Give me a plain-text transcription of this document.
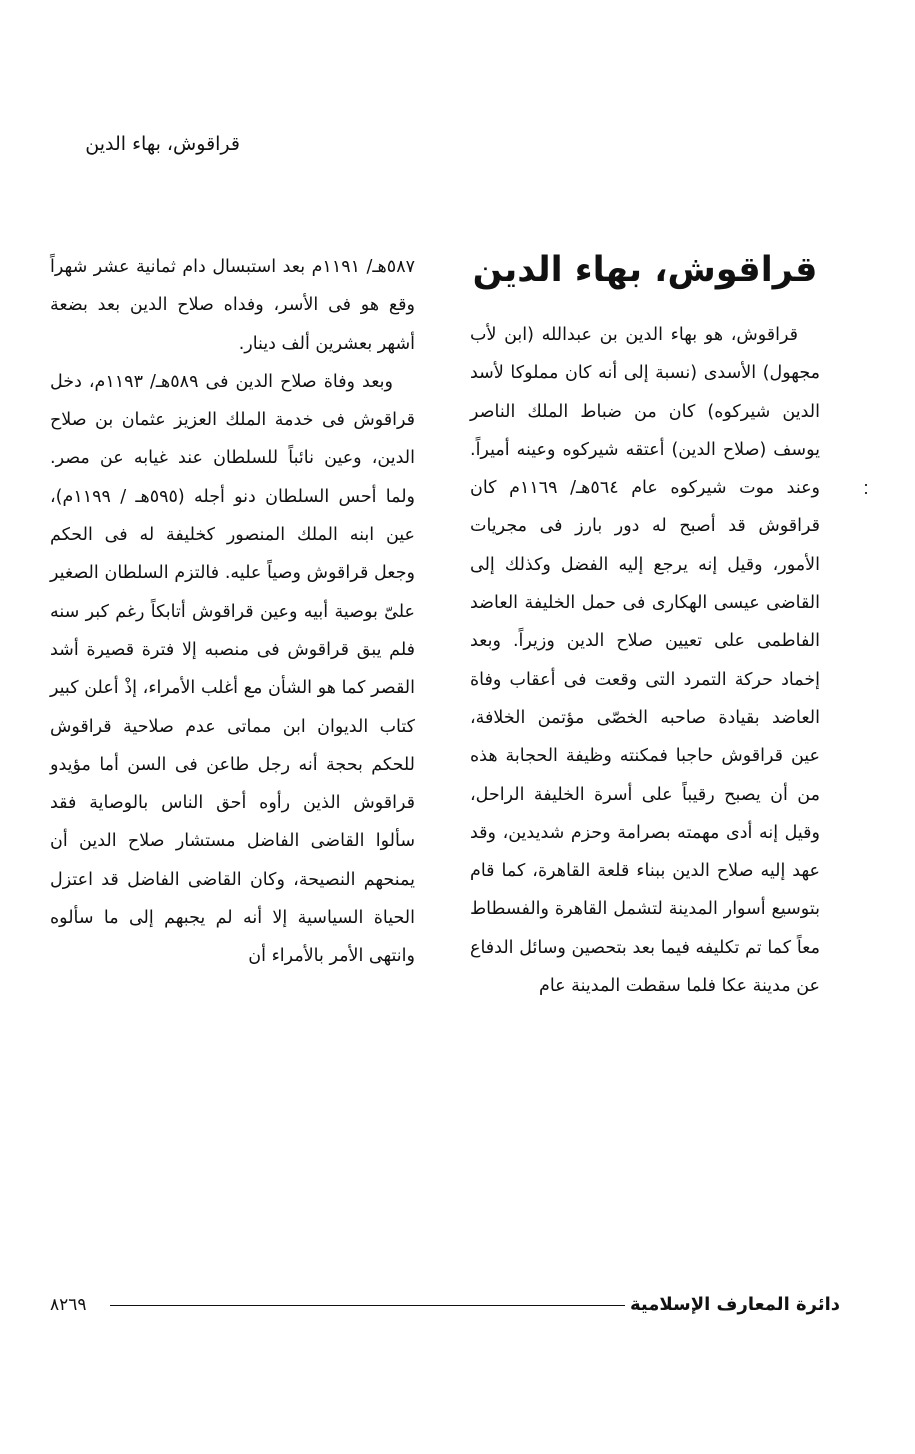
قراقوش، بهاء الدين
قراقوش، بهاء الدين

قراقوش، هو بهاء الدين بن عبدالله (ابن لأب مجهول) الأسدى (نسبة إلى أنه كان مملوكا لأسد الدين شيركوه) كان من ضباط الملك الناصر يوسف (صلاح الدين) أعتقه شيركوه وعينه أميراً. وعند موت شيركوه عام ٥٦٤هـ/ ١١٦٩م كان قراقوش قد أصبح له دور بارز فى مجريات الأمور، وقيل إنه يرجع إليه الفضل وكذلك إلى القاضى عيسى الهكارى فى حمل الخليفة العاضد الفاطمى على تعيين صلاح الدين وزيراً. وبعد إخماد حركة التمرد التى وقعت فى أعقاب وفاة العاضد بقيادة صاحبه الخصّى مؤتمن الخلافة، عين قراقوش حاجبا فمكنته وظيفة الحجابة هذه من أن يصبح رقيباً على أسرة الخليفة الراحل، وقيل إنه أدى مهمته بصرامة وحزم شديدين، وقد عهد إليه صلاح الدين ببناء قلعة القاهرة، كما قام بتوسيع أسوار المدينة لتشمل القاهرة والفسطاط معاً كما تم تكليفه فيما بعد بتحصين وسائل الدفاع عن مدينة عكا فلما سقطت المدينة عام

٥٨٧هـ/ ١١٩١م بعد استبسال دام ثمانية عشر شهراً وقع هو فى الأسر، وفداه صلاح الدين بعد بضعة أشهر بعشرين ألف دينار.

وبعد وفاة صلاح الدين فى ٥٨٩هـ/ ١١٩٣م، دخل قراقوش فى خدمة الملك العزيز عثمان بن صلاح الدين، وعين نائباً للسلطان عند غيابه عن مصر. ولما أحس السلطان دنو أجله (٥٩٥هـ / ١١٩٩م)، عين ابنه الملك المنصور كخليفة له فى الحكم وجعل قراقوش وصياً عليه. فالتزم السلطان الصغير علىّ بوصية أبيه وعين قراقوش أتابكاً رغم كبر سنه فلم يبق قراقوش فى منصبه إلا فترة قصيرة أشد القصر كما هو الشأن مع أغلب الأمراء، إذْ أعلن كبير كتاب الديوان ابن مماتى عدم صلاحية قراقوش للحكم بحجة أنه رجل طاعن فى السن أما مؤيدو قراقوش الذين رأوه أحق الناس بالوصاية فقد سألوا القاضى الفاضل مستشار صلاح الدين أن يمنحهم النصيحة، وكان القاضى الفاضل قد اعتزل الحياة السياسية إلا أنه لم يجبهم إلى ما سألوه وانتهى الأمر بالأمراء أن

دائرة المعارف الإسلامية
٨٢٦٩
